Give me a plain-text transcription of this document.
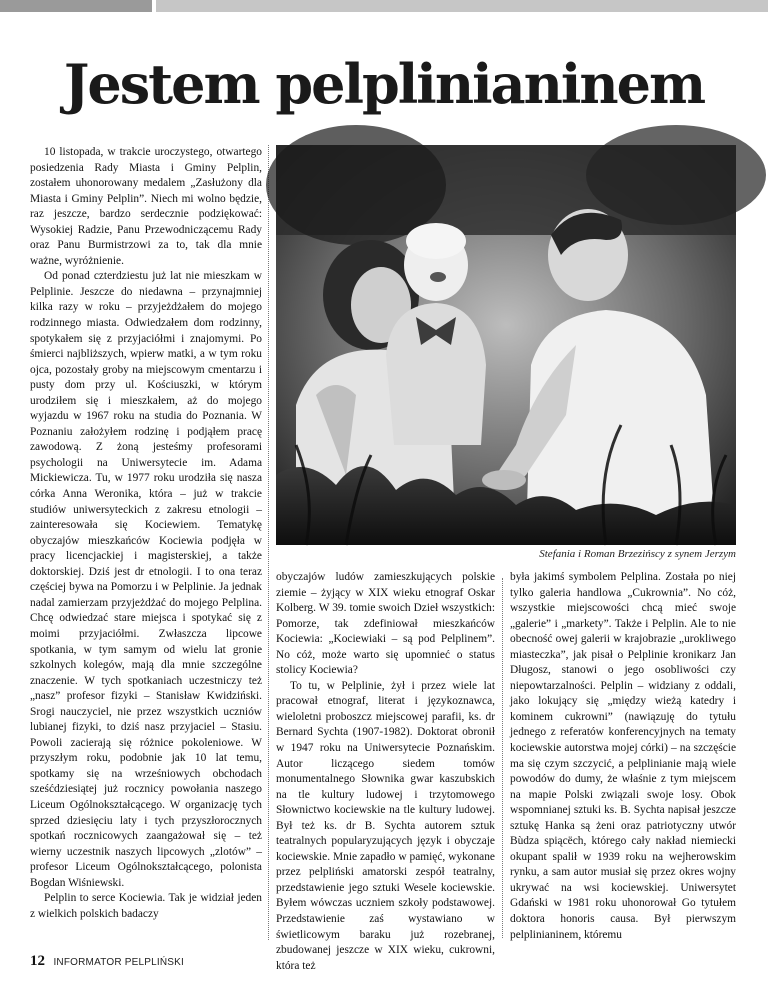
Jestem pelplinianinem

10 listopada, w trakcie uroczystego, otwartego posiedzenia Rady Miasta i Gminy Pelplin, zostałem uhonorowany medalem „Zasłużony dla Miasta i Gminy Pelplin”. Niech mi wolno będzie, raz jeszcze, bardzo serdecznie podziękować: Wysokiej Radzie, Panu Przewodniczącemu Rady oraz Panu Burmistrzowi za to, tak dla mnie ważne, wyróżnienie.

Od ponad czterdziestu już lat nie mieszkam w Pelplinie. Jeszcze do niedawna – przynajmniej kilka razy w roku – przyjeżdżałem do mojego rodzinnego miasta. Odwiedzałem dom rodzinny, spotykałem się z przyjaciółmi i znajomymi. Po śmierci najbliższych, wpierw matki, a w tym roku ojca, pozostały groby na miejscowym cmentarzu i pusty dom przy ul. Kościuszki, w którym urodziłem się i mieszkałem, aż do mojego wyjazdu w 1967 roku na studia do Poznania. W Poznaniu założyłem rodzinę i podjąłem pracę zawodową. Z żoną jesteśmy profesorami psychologii na Uniwersytecie im. Adama Mickiewicza. Tu, w 1977 roku urodziła się nasza córka Anna Weronika, która – już w trakcie studiów uniwersyteckich z zakresu etnologii – zainteresowała się Kociewiem. Tematykę obyczajów mieszkańców Kociewia podjęła w pracy licencjackiej i magisterskiej, a także doktorskiej. Dziś jest dr etnologii. I to ona teraz częściej bywa na Pomorzu i w Pelplinie. Ja jednak nadal zamierzam przyjeżdżać do mojego Pelplina. Chcę odwiedzać stare miejsca i spotykać się z moimi przyjaciółmi. Zwłaszcza lipcowe spotkania, w tym samym od wielu lat gronie szkolnych kolegów, mają dla mnie szczególne znaczenie. W tych spotkaniach uczestniczy też „nasz” profesor fizyki – Stanisław Kwidziński. Srogi nauczyciel, nie przez wszystkich uczniów lubianej fizyki, to dziś nasz przyjaciel – Stasiu. Powoli zacierają się różnice pokoleniowe. W przyszłym roku, podobnie jak 10 lat temu, spotkamy się na wrześniowych obchodach sześćdziesiątej już rocznicy powołania naszego Liceum Ogólnokształcącego. W organizację tych sprzed dziesięciu laty i tych przyszłorocznych spotkań rocznicowych zaangażował się – też wierny uczestnik naszych lipcowych „zlotów” – profesor Liceum Ogólnokształcącego, polonista Bogdan Wiśniewski.

Pelplin to serce Kociewia. Tak je widział jeden z wielkich polskich badaczy

Stefania i Roman Brzezińscy z synem Jerzym

obyczajów ludów zamieszkujących polskie ziemie – żyjący w XIX wieku etnograf Oskar Kolberg. W 39. tomie swoich Dzieł wszystkich: Pomorze, tak zdefiniował mieszkańców Kociewia: „Kociewiaki – są pod Pelplinem”. No cóż, może warto się upomnieć o status stolicy Kociewia?

To tu, w Pelplinie, żył i przez wiele lat pracował etnograf, literat i językoznawca, wieloletni proboszcz miejscowej parafii, ks. dr Bernard Sychta (1907-1982). Doktorat obronił w 1947 roku na Uniwersytecie Poznańskim. Autor liczącego siedem tomów monumentalnego Słownika gwar kaszubskich na tle kultury ludowej i trzytomowego Słownictwo kociewskie na tle kultury ludowej. Był też ks. dr B. Sychta autorem sztuk teatralnych popularyzujących język i obyczaje kociewskie. Mnie zapadło w pamięć, wykonane przez pelpliński amatorski zespół teatralny, przedstawienie jego sztuki Wesele kociewskie. Byłem wówczas uczniem szkoły podstawowej. Przedstawienie zaś wystawiano w świetlicowym baraku już rozebranej, zbudowanej jeszcze w XIX wieku, cukrowni, która też

była jakimś symbolem Pelplina. Została po niej tylko galeria handlowa „Cukrownia”. No cóż, wszystkie miejscowości chcą mieć swoje „galerie” i „markety”. Także i Pelplin. Ale to nie obecność owej galerii w krajobrazie „urokliwego miasteczka”, jak pisał o Pelplinie kronikarz Jan Długosz, stanowi o jego osobliwości czy niepowtarzalności. Pelplin – widziany z oddali, jako lokujący się „między wieżą katedry i kominem cukrowni” (nawiązuję do tytułu jednego z referatów konferencyjnych na tematy kociewskie autorstwa mojej córki) – na szczęście ma się czym szczycić, a pelplinianie mają wiele powodów do dumy, że właśnie z tym miejscem na mapie Polski związali swoje losy. Obok wspomnianej sztuki ks. B. Sychta napisał jeszcze sztukę Hanka są żeni oraz patriotyczny utwór Bùdza spiącëch, którego cały nakład niemiecki okupant spalił w 1939 roku na wejherowskim rynku, a sam autor musiał się przez okres wojny ukrywać na wsi kociewskiej. Uniwersytet Gdański w 1981 roku uhonorował Go tytułem doktora honoris causa. Był pierwszym pelplinianinem, któremu

12 INFORMATOR PELPLIŃSKI
